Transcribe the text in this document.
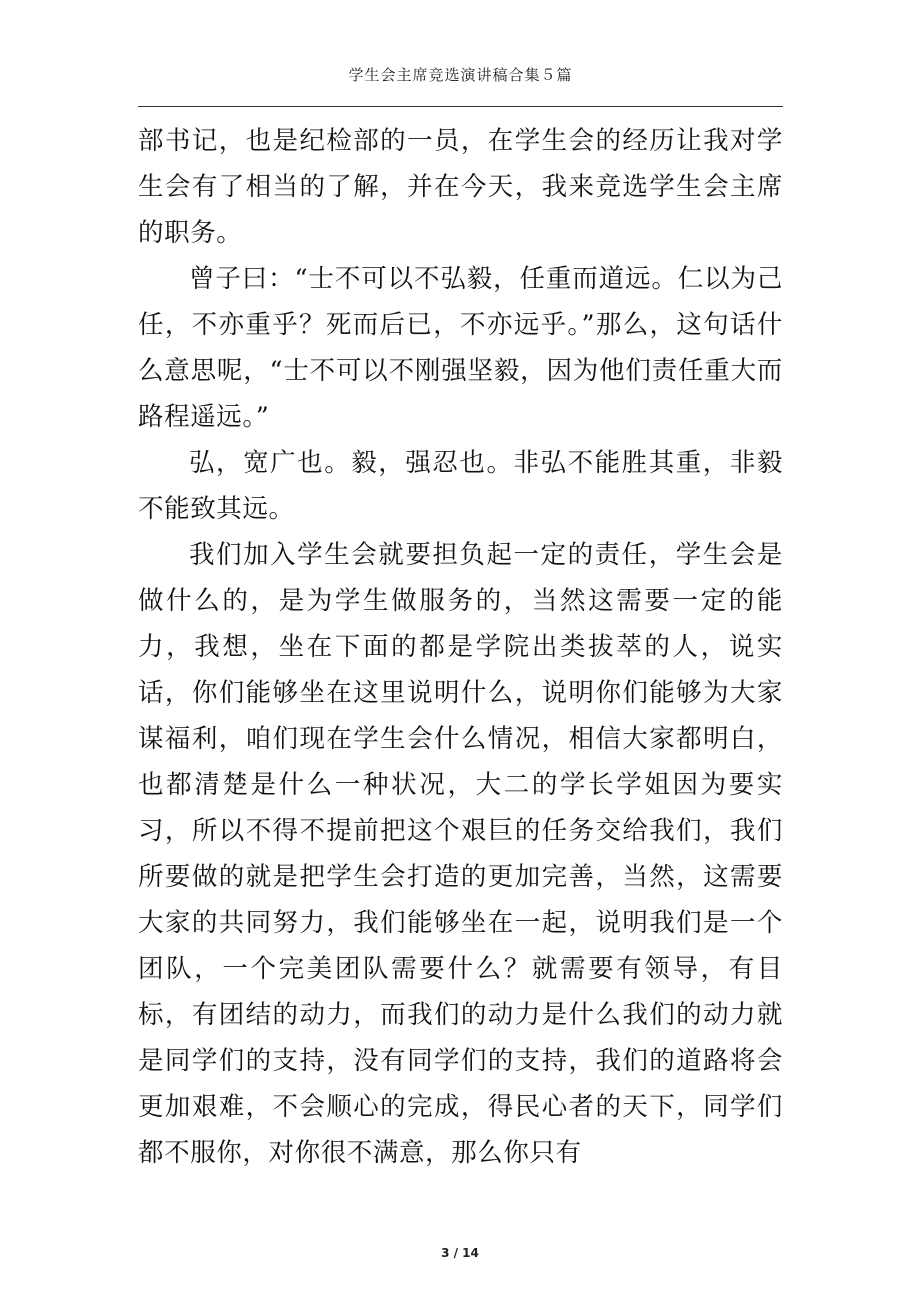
学生会主席竞选演讲稿合集５篇

部书记，也是纪检部的一员，在学生会的经历让我对学生会有了相当的了解，并在今天，我来竞选学生会主席的职务。

曾子曰：“士不可以不弘毅，任重而道远。仁以为己任，不亦重乎？死而后已，不亦远乎。”那么，这句话什么意思呢，“士不可以不刚强坚毅，因为他们责任重大而路程遥远。”

弘，宽广也。毅，强忍也。非弘不能胜其重，非毅不能致其远。

我们加入学生会就要担负起一定的责任，学生会是做什么的，是为学生做服务的，当然这需要一定的能力，我想，坐在下面的都是学院出类拔萃的人，说实话，你们能够坐在这里说明什么，说明你们能够为大家谋福利，咱们现在学生会什么情况，相信大家都明白，也都清楚是什么一种状况，大二的学长学姐因为要实习，所以不得不提前把这个艰巨的任务交给我们，我们所要做的就是把学生会打造的更加完善，当然，这需要大家的共同努力，我们能够坐在一起，说明我们是一个团队，一个完美团队需要什么？就需要有领导，有目标，有团结的动力，而我们的动力是什么我们的动力就是同学们的支持，没有同学们的支持，我们的道路将会更加艰难，不会顺心的完成，得民心者的天下，同学们都不服你，对你很不满意，那么你只有

3 / 14
